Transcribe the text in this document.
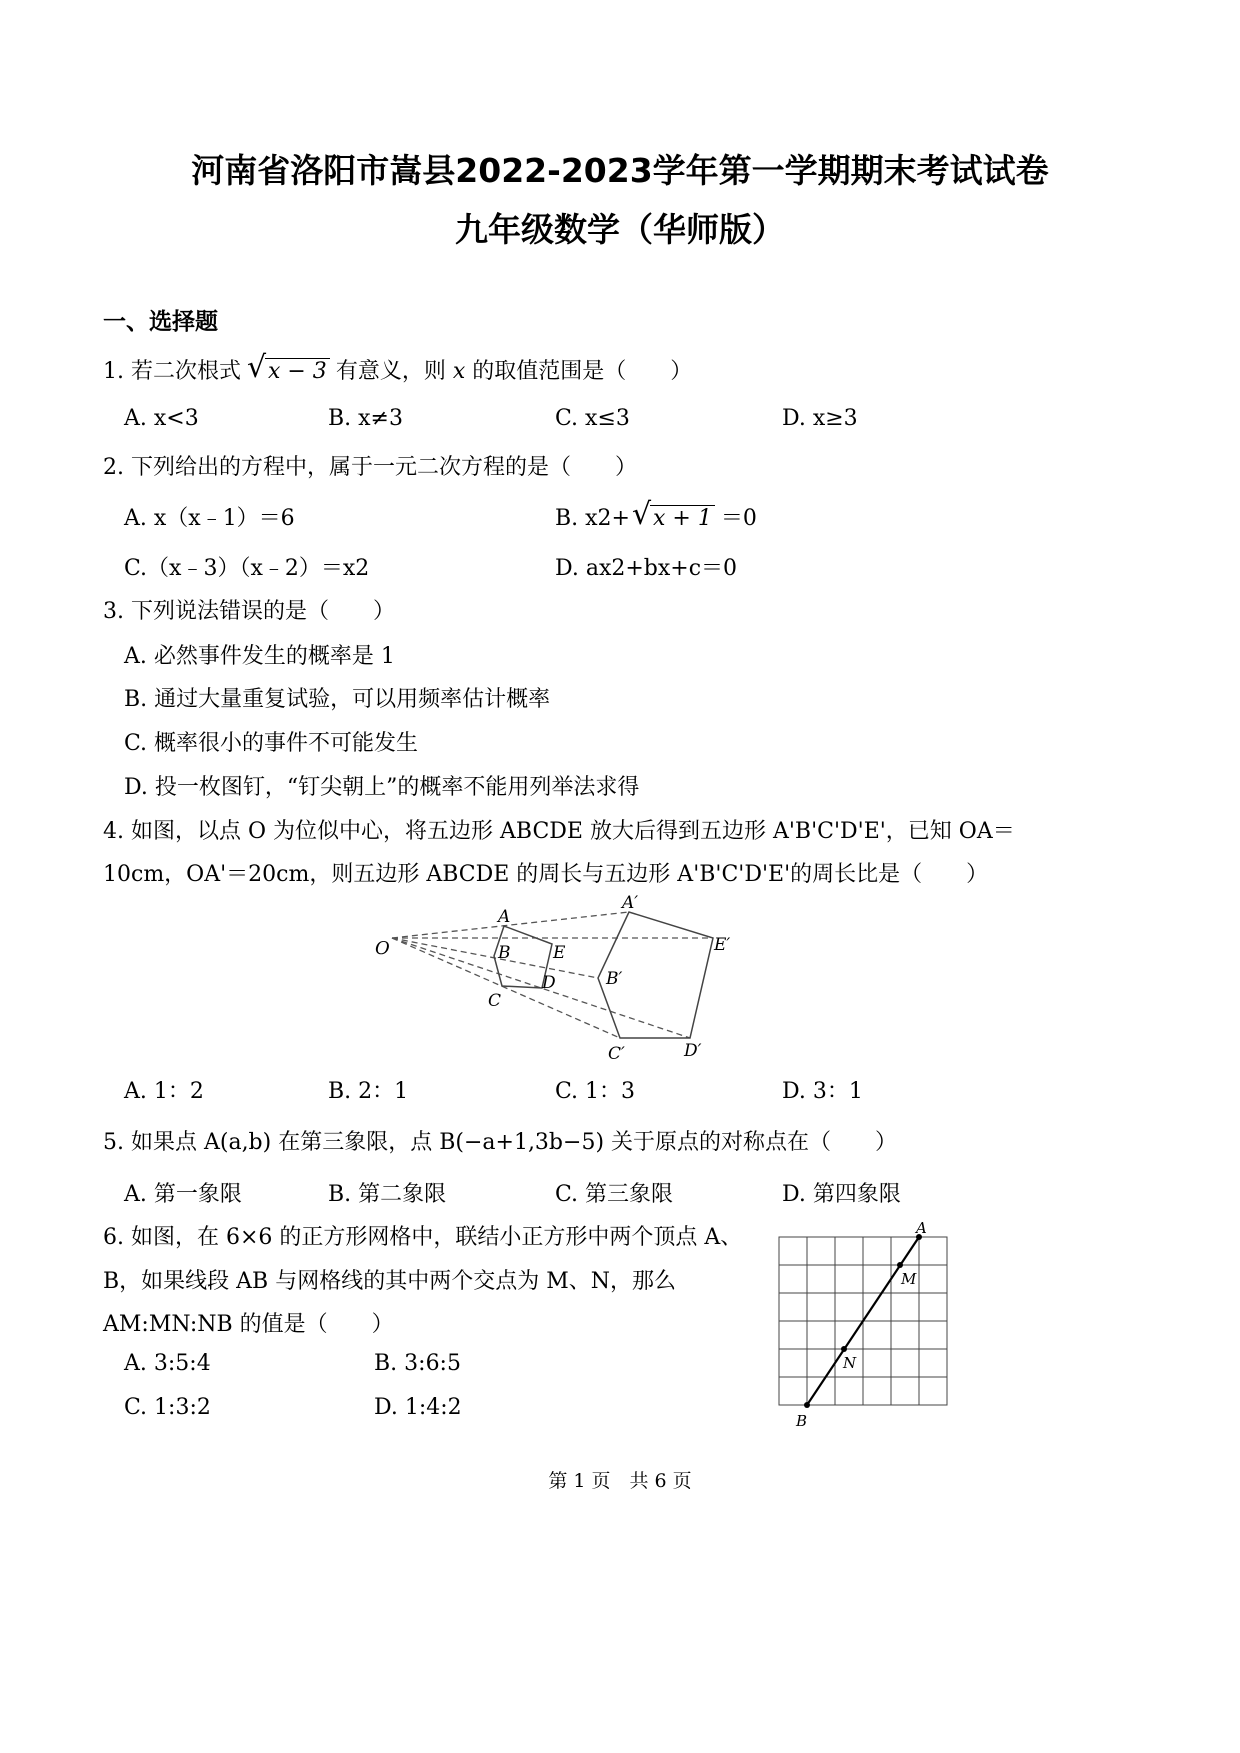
河南省洛阳市嵩县2022-2023学年第一学期期末考试试卷
九年级数学（华师版）
一、选择题
1. 若二次根式 √ x − 3 有意义，则 x 的取值范围是（　　）
A. x<3	B. x≠3	C. x≤3	D. x≥3
2. 下列给出的方程中，属于一元二次方程的是（　　）
A. x（x﹣1）＝6	B. x2+ √ x + 1 ＝0
C.（x﹣3）（x﹣2）＝x2	D. ax2+bx+c＝0
3. 下列说法错误的是（　　）
A. 必然事件发生的概率是 1
B. 通过大量重复试验，可以用频率估计概率
C. 概率很小的事件不可能发生
D. 投一枚图钉，“钉尖朝上”的概率不能用列举法求得
4. 如图，以点 O 为位似中心，将五边形 ABCDE 放大后得到五边形 A'B'C'D'E'，已知 OA＝
10cm，OA'＝20cm，则五边形 ABCDE 的周长与五边形 A'B'C'D'E'的周长比是（　　）
O
A
B
C
D
E
A′
B′
C′	D′
E′
A. 1：2	B. 2：1	C. 1：3	D. 3：1
5. 如果点 A(a,b) 在第三象限，点 B(−a+1,3b−5) 关于原点的对称点在（　　）
A. 第一象限	B. 第二象限	C. 第三象限	D. 第四象限
6. 如图，在 6×6 的正方形网格中，联结小正方形中两个顶点 A、
B，如果线段 AB 与网格线的其中两个交点为 M、N，那么
AM:MN:NB 的值是（　　）
A. 3:5:4	B. 3:6:5
C. 1:3:2	D. 1:4:2
A
M
N
B
第 1 页　共 6 页
